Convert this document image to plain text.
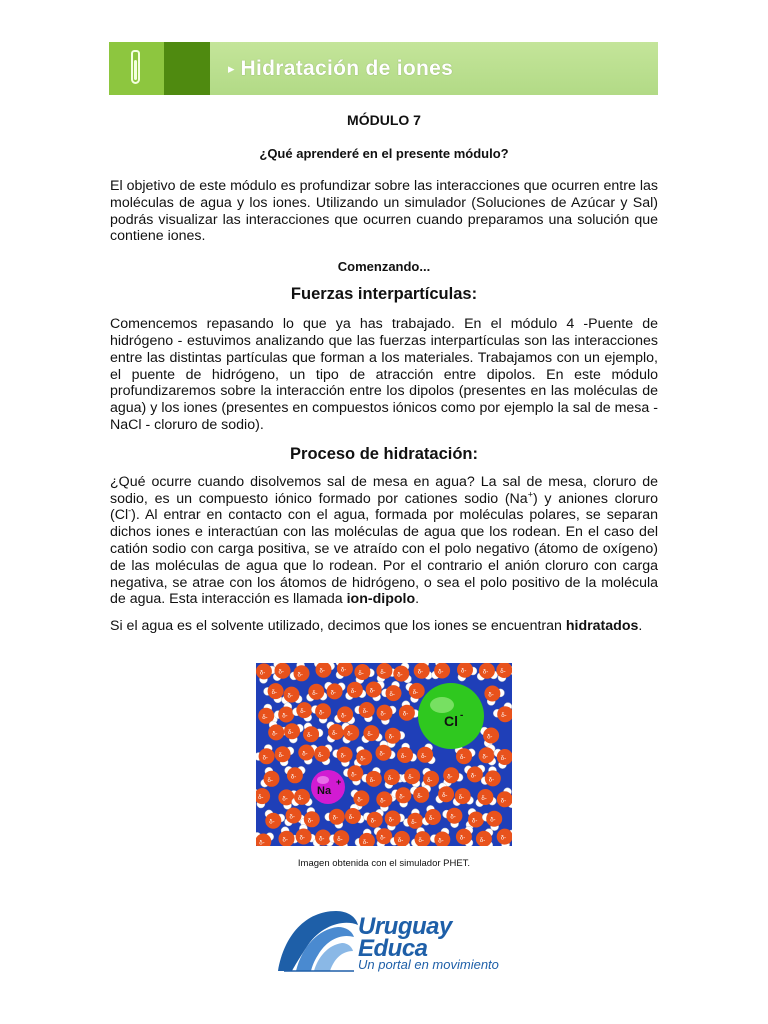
▸ Hidratación de iones
MÓDULO 7
¿Qué aprenderé en el presente módulo?

El objetivo de este módulo es profundizar sobre las interacciones que ocurren entre las moléculas de agua y los iones. Utilizando un simulador (Soluciones de Azúcar y Sal) podrás visualizar las interacciones que ocurren cuando preparamos una solución que contiene iones.

Comenzando...
Fuerzas interpartículas:

Comencemos repasando lo que ya has trabajado. En el módulo 4 -Puente de hidrógeno - estuvimos analizando que las fuerzas interpartículas son las interacciones entre las distintas partículas que forman a los materiales. Trabajamos con un ejemplo, el puente de hidrógeno, un tipo de atracción entre dipolos. En este módulo profundizaremos sobre la interacción entre los dipolos (presentes en las moléculas de agua) y los iones (presentes en compuestos iónicos como por ejemplo la sal de mesa - NaCl - cloruro de sodio).

Proceso de hidratación:

¿Qué ocurre cuando disolvemos sal de mesa en agua? La sal de mesa, cloruro de sodio, es un compuesto iónico formado por cationes sodio (Na+) y aniones cloruro (Cl-). Al entrar en contacto con el agua, formada por moléculas polares, se separan dichos iones e interactúan con las moléculas de agua que los rodean. En el caso del catión sodio con carga positiva, se ve atraído con el polo negativo (átomo de oxígeno) de las moléculas de agua que lo rodean. Por el contrario el anión cloruro con carga negativa, se atrae con los átomos de hidrógeno, o sea el polo positivo de la molécula de agua. Esta interacción es llamada ion-dipolo.

Si el agua es el solvente utilizado, decimos que los iones se encuentran hidratados.

δ- δ- δ-
δ-	δ-
δ-	δ- δ-	δ-	δ-	δ-	δ- δ-
δ-
δ-	δ- δ- δ- δ-
δ-	δ-	δ-
δ- δ-
δ- δ-
δ-
δ- δ-	δ-	δ-
δ- δ- δ-	δ- δ- δ-	δ-	δ-
δ- δ-	δ- δ-	δ- δ-
δ-	δ- δ-	δ-	δ- δ-
δ-
δ-	δ-
δ- δ- δ- δ-
δ-	δ-
δ-
δ-	δ- δ-	δ-	δ-
δ- δ-	δ- δ-	δ- δ-
δ-
δ-
δ-	δ- δ-
δ- δ-	δ-
δ-	δ-
δ- δ-
δ-	δ- δ- δ- δ-	δ-
δ- δ-	δ- δ-	δ- δ-	δ-
Cl -
Na
+
Imagen obtenida con el simulador PHET.
Uruguay
Educa
Un portal en movimiento
